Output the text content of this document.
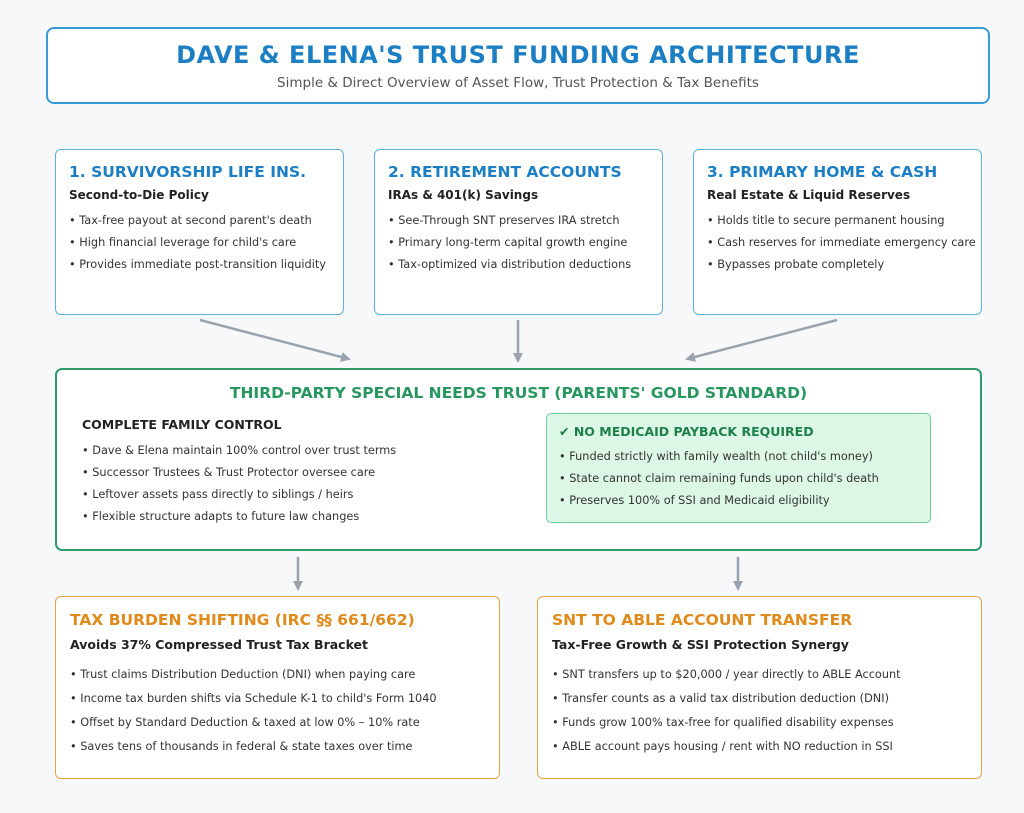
DAVE & ELENA'S TRUST FUNDING ARCHITECTURE
Simple & Direct Overview of Asset Flow, Trust Protection & Tax Benefits
1. SURVIVORSHIP LIFE INS.
Second-to-Die Policy
• Tax-free payout at second parent's death
• High financial leverage for child's care
• Provides immediate post-transition liquidity
2. RETIREMENT ACCOUNTS
IRAs & 401(k) Savings
• See-Through SNT preserves IRA stretch
• Primary long-term capital growth engine
• Tax-optimized via distribution deductions
3. PRIMARY HOME & CASH
Real Estate & Liquid Reserves
• Holds title to secure permanent housing
• Cash reserves for immediate emergency care
• Bypasses probate completely
THIRD-PARTY SPECIAL NEEDS TRUST (PARENTS' GOLD STANDARD)
COMPLETE FAMILY CONTROL
• Dave & Elena maintain 100% control over trust terms
• Successor Trustees & Trust Protector oversee care
• Leftover assets pass directly to siblings / heirs
• Flexible structure adapts to future law changes
✔ NO MEDICAID PAYBACK REQUIRED
• Funded strictly with family wealth (not child's money)
• State cannot claim remaining funds upon child's death
• Preserves 100% of SSI and Medicaid eligibility
TAX BURDEN SHIFTING (IRC §§ 661/662)
Avoids 37% Compressed Trust Tax Bracket
• Trust claims Distribution Deduction (DNI) when paying care
• Income tax burden shifts via Schedule K-1 to child's Form 1040
• Offset by Standard Deduction & taxed at low 0% – 10% rate
• Saves tens of thousands in federal & state taxes over time
SNT TO ABLE ACCOUNT TRANSFER
Tax-Free Growth & SSI Protection Synergy
• SNT transfers up to $20,000 / year directly to ABLE Account
• Transfer counts as a valid tax distribution deduction (DNI)
• Funds grow 100% tax-free for qualified disability expenses
• ABLE account pays housing / rent with NO reduction in SSI
